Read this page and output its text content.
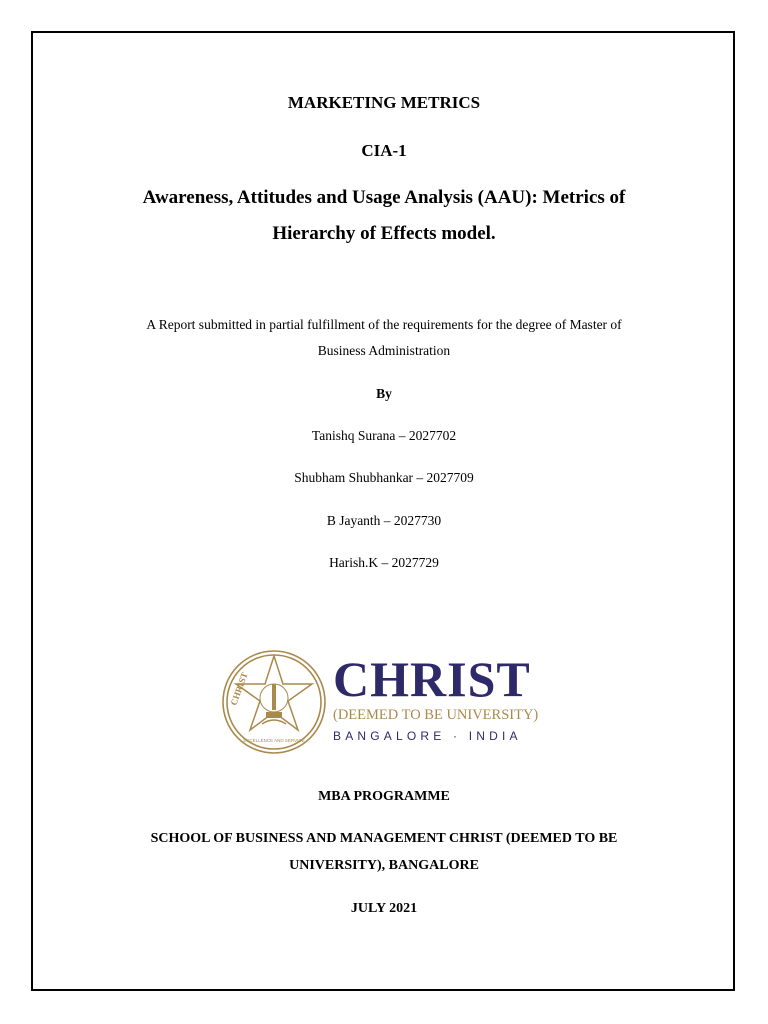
MARKETING METRICS
CIA-1
Awareness, Attitudes and Usage Analysis (AAU): Metrics of
Hierarchy of Effects model.
A Report submitted in partial fulfillment of the requirements for the degree of Master of
Business Administration
By
Tanishq Surana – 2027702
Shubham Shubhankar – 2027709
B Jayanth – 2027730
Harish.K – 2027729
CHRIST
EXCELLENCE AND SERVICE
CHRIST
(DEEMED TO BE UNIVERSITY)
BANGALORE · INDIA
MBA PROGRAMME
SCHOOL OF BUSINESS AND MANAGEMENT CHRIST (DEEMED TO BE
UNIVERSITY), BANGALORE
JULY 2021
